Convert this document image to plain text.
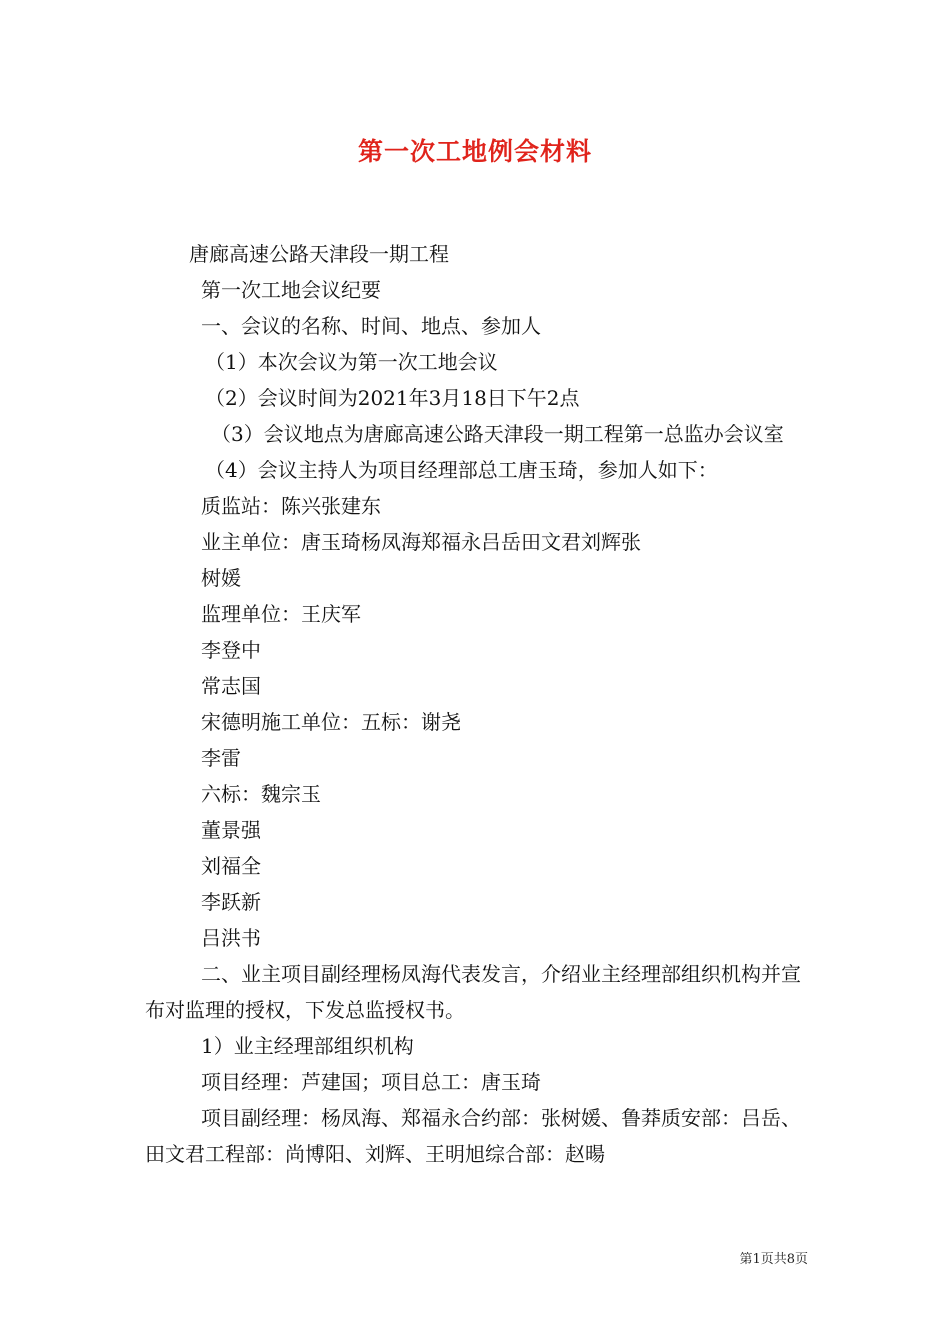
第一次工地例会材料

唐廊高速公路天津段一期工程

第一次工地会议纪要

一、会议的名称、时间、地点、参加人

（1）本次会议为第一次工地会议

（2）会议时间为2021年3月18日下午2点

（3）会议地点为唐廊高速公路天津段一期工程第一总监办会议室

（4）会议主持人为项目经理部总工唐玉琦，参加人如下：

质监站：陈兴张建东

业主单位：唐玉琦杨凤海郑福永吕岳田文君刘辉张

树媛

监理单位：王庆军

李登中

常志国

宋德明施工单位：五标：谢尧

李雷

六标：魏宗玉

董景强

刘福全

李跃新

吕洪书

二、业主项目副经理杨凤海代表发言，介绍业主经理部组织机构并宣布对监理的授权，下发总监授权书。

1）业主经理部组织机构

项目经理：芦建国；项目总工：唐玉琦

项目副经理：杨凤海、郑福永合约部：张树媛、鲁莽质安部：吕岳、田文君工程部：尚博阳、刘辉、王明旭综合部：赵暘

第1页共8页
